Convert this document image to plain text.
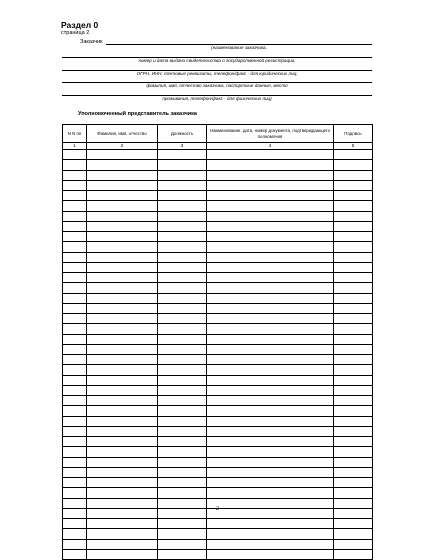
Раздел 0
страница 2
Заказчик
(наименование заказчика,
номер и дата выдачи свидетельства о государственной регистрации,
ОГРН, ИНН, почтовые реквизиты, телефон/факс - для юридических лиц;
фамилия, имя, отчество заказчика, паспортные данные, место
проживания, телефон/факс - для физических лиц)
Уполномоченный представитель заказчика
N N пп	Фамилия, имя, отчество	Должность	Наименование, дата, номер документа, подтверждающего полномочия	Подпись
1	2	3	4	5

2
